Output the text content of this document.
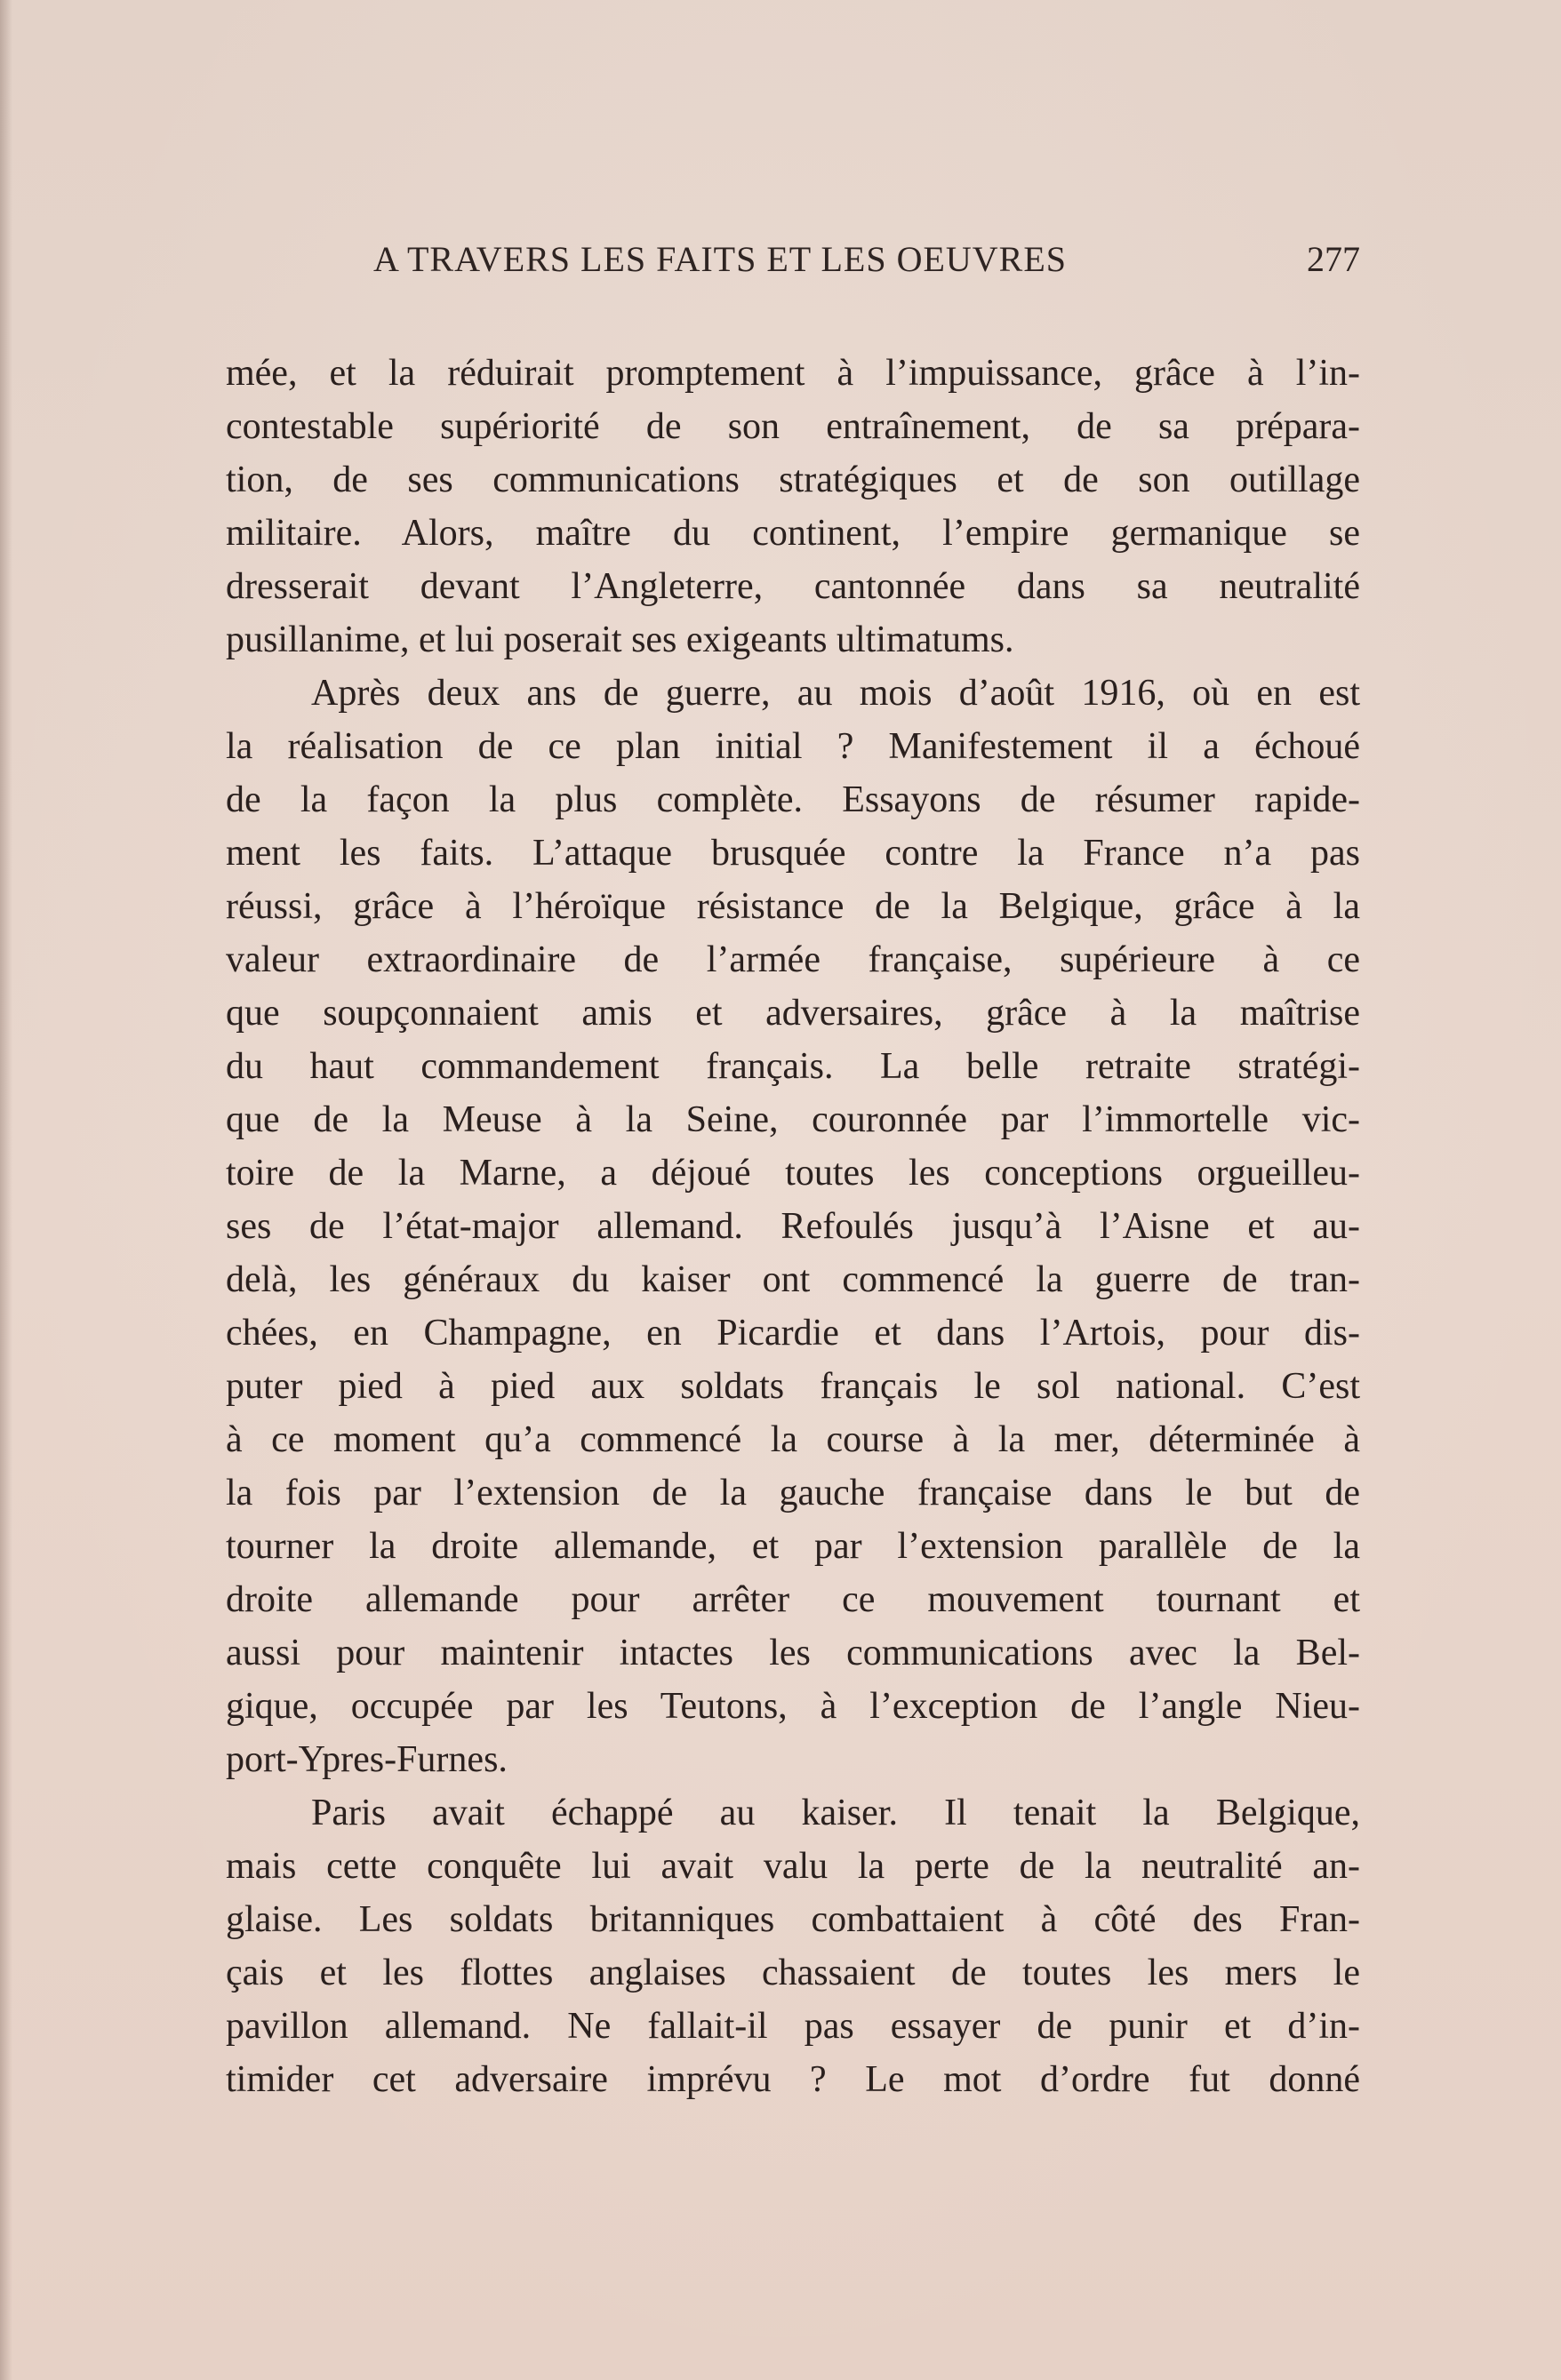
A TRAVERS LES FAITS ET LES OEUVRES	277
mée, et la réduirait promptement à l’impuissance, grâce à l’in-
contestable supériorité de son entraînement, de sa prépara-
tion, de ses communications stratégiques et de son outillage
militaire. Alors, maître du continent, l’empire germanique se
dresserait devant l’Angleterre, cantonnée dans sa neutralité
pusillanime, et lui poserait ses exigeants ultimatums.
Après deux ans de guerre, au mois d’août 1916, où en est
la réalisation de ce plan initial ? Manifestement il a échoué
de la façon la plus complète. Essayons de résumer rapide-
ment les faits. L’attaque brusquée contre la France n’a pas
réussi, grâce à l’héroïque résistance de la Belgique, grâce à la
valeur extraordinaire de l’armée française, supérieure à ce
que soupçonnaient amis et adversaires, grâce à la maîtrise
du haut commandement français. La belle retraite stratégi-
que de la Meuse à la Seine, couronnée par l’immortelle vic-
toire de la Marne, a déjoué toutes les conceptions orgueilleu-
ses de l’état-major allemand. Refoulés jusqu’à l’Aisne et au-
delà, les généraux du kaiser ont commencé la guerre de tran-
chées, en Champagne, en Picardie et dans l’Artois, pour dis-
puter pied à pied aux soldats français le sol national. C’est
à ce moment qu’a commencé la course à la mer, déterminée à
la fois par l’extension de la gauche française dans le but de
tourner la droite allemande, et par l’extension parallèle de la
droite allemande pour arrêter ce mouvement tournant et
aussi pour maintenir intactes les communications avec la Bel-
gique, occupée par les Teutons, à l’exception de l’angle Nieu-
port-Ypres-Furnes.
Paris avait échappé au kaiser. Il tenait la Belgique,
mais cette conquête lui avait valu la perte de la neutralité an-
glaise. Les soldats britanniques combattaient à côté des Fran-
çais et les flottes anglaises chassaient de toutes les mers le
pavillon allemand. Ne fallait-il pas essayer de punir et d’in-
timider cet adversaire imprévu ? Le mot d’ordre fut donné
